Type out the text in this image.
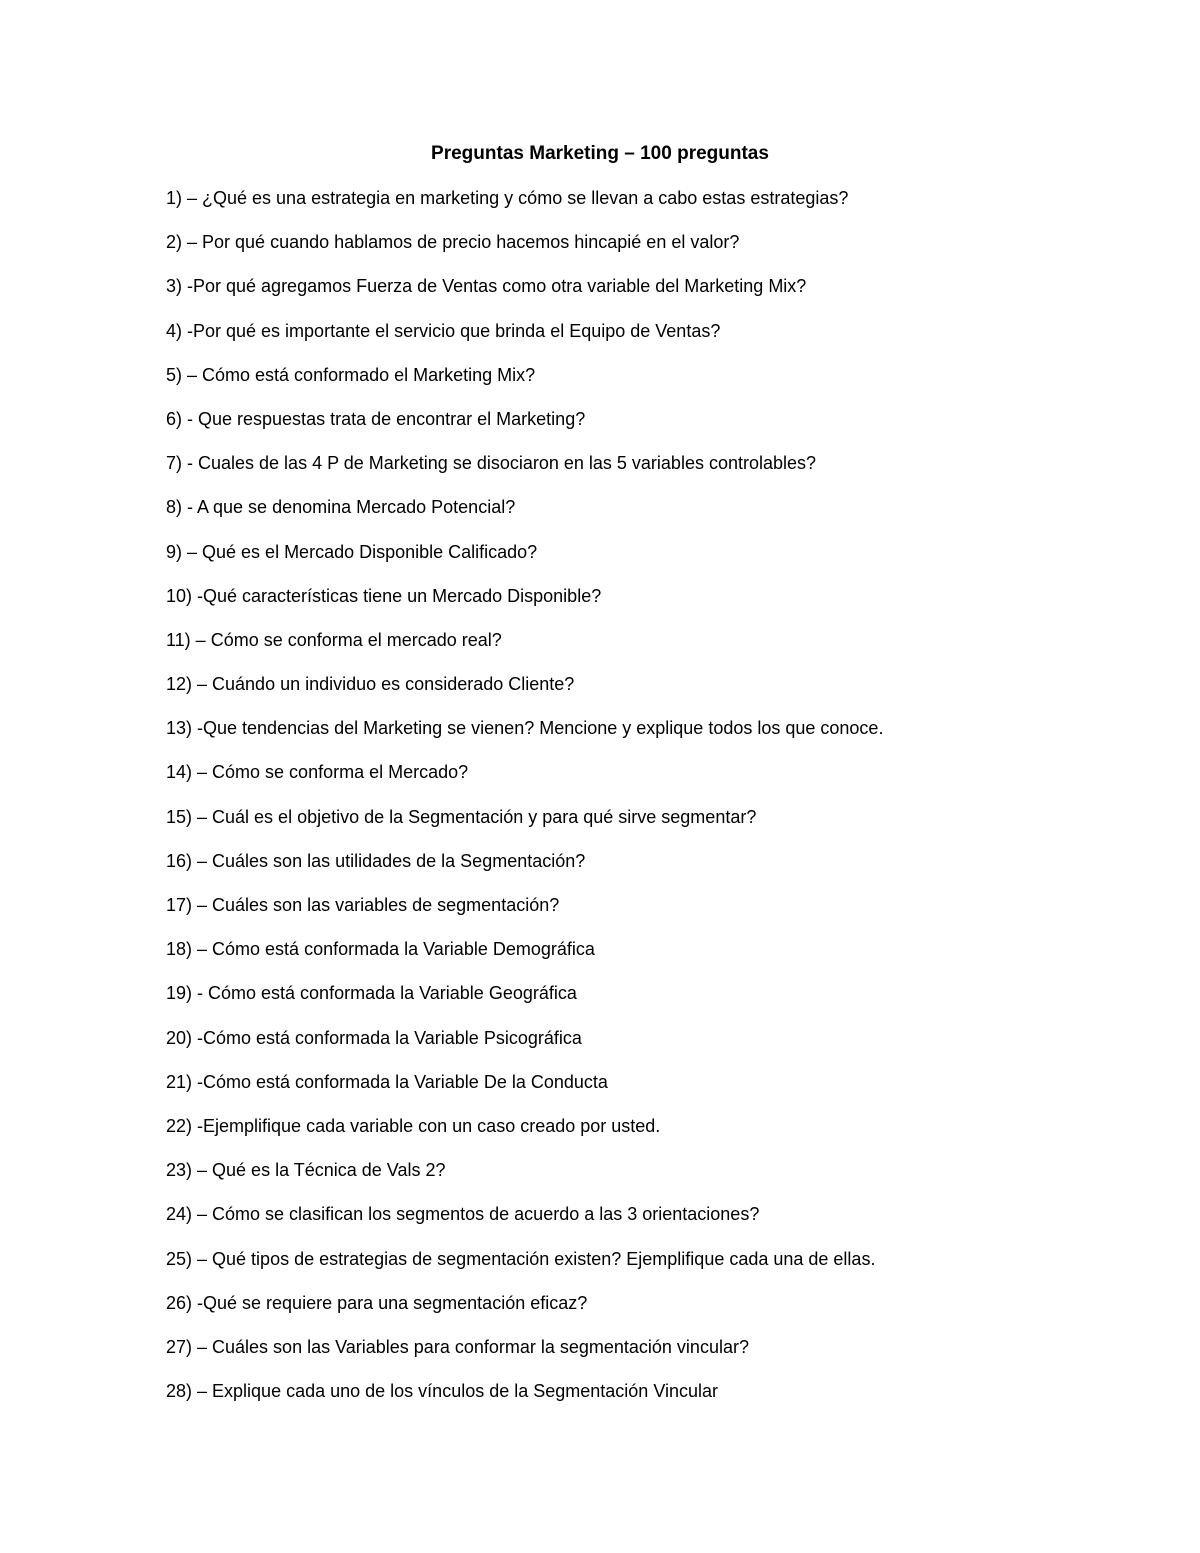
Preguntas Marketing – 100 preguntas
1) – ¿Qué es una estrategia en marketing y cómo se llevan a cabo estas estrategias?
2) – Por qué cuando hablamos de precio hacemos hincapié en el valor?
3) -Por qué agregamos Fuerza de Ventas como otra variable del Marketing Mix?
4) -Por qué es importante el servicio que brinda el Equipo de Ventas?
5) – Cómo está conformado el Marketing Mix?
6) - Que respuestas trata de encontrar el Marketing?
7) - Cuales de las 4 P de Marketing se disociaron en las 5 variables controlables?
8) - A que se denomina Mercado Potencial?
9) – Qué es el Mercado Disponible Calificado?
10) -Qué características tiene un Mercado Disponible?
11) – Cómo se conforma el mercado real?
12) – Cuándo un individuo es considerado Cliente?
13) -Que tendencias del Marketing se vienen? Mencione y explique todos los que conoce.
14) – Cómo se conforma el Mercado?
15) – Cuál es el objetivo de la Segmentación y para qué sirve segmentar?
16) – Cuáles son las utilidades de la Segmentación?
17) – Cuáles son las variables de segmentación?
18) – Cómo está conformada la Variable Demográfica
19) - Cómo está conformada la Variable Geográfica
20) -Cómo está conformada la Variable Psicográfica
21) -Cómo está conformada la Variable De la Conducta
22) -Ejemplifique cada variable con un caso creado por usted.
23) – Qué es la Técnica de Vals 2?
24) – Cómo se clasifican los segmentos de acuerdo a las 3 orientaciones?
25) – Qué tipos de estrategias de segmentación existen? Ejemplifique cada una de ellas.
26) -Qué se requiere para una segmentación eficaz?
27) – Cuáles son las Variables para conformar la segmentación vincular?
28) – Explique cada uno de los vínculos de la Segmentación Vincular
